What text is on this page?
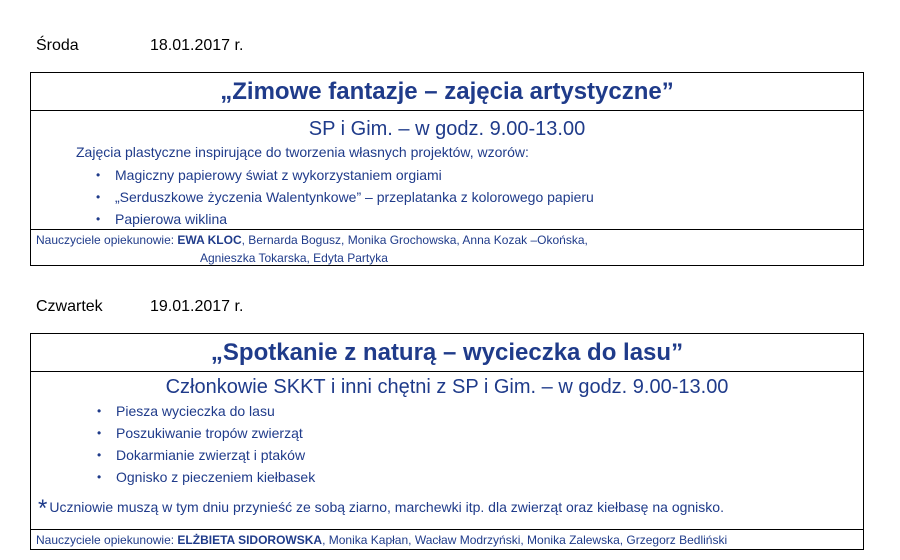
Środa	18.01.2017 r.
„Zimowe fantazje – zajęcia artystyczne”
SP i Gim. – w godz. 9.00-13.00
Zajęcia plastyczne inspirujące do tworzenia własnych projektów, wzorów:
• Magiczny papierowy świat z wykorzystaniem orgiami
• „Serduszkowe życzenia Walentynkowe” – przeplatanka z kolorowego papieru
• Papierowa wiklina
Nauczyciele opiekunowie: EWA KLOC, Bernarda Bogusz, Monika Grochowska, Anna Kozak –Okońska,
Agnieszka Tokarska, Edyta Partyka
Czwartek	19.01.2017 r.
„Spotkanie z naturą – wycieczka do lasu”
Członkowie SKKT i inni chętni z SP i Gim. – w godz. 9.00-13.00
• Piesza wycieczka do lasu
• Poszukiwanie tropów zwierząt
• Dokarmianie zwierząt i ptaków
• Ognisko z pieczeniem kiełbasek
* Uczniowie muszą w tym dniu przynieść ze sobą ziarno, marchewki itp. dla zwierząt oraz kiełbasę na ognisko.
Nauczyciele opiekunowie: ELŻBIETA SIDOROWSKA, Monika Kapłan, Wacław Modrzyński, Monika Zalewska, Grzegorz Bedliński
